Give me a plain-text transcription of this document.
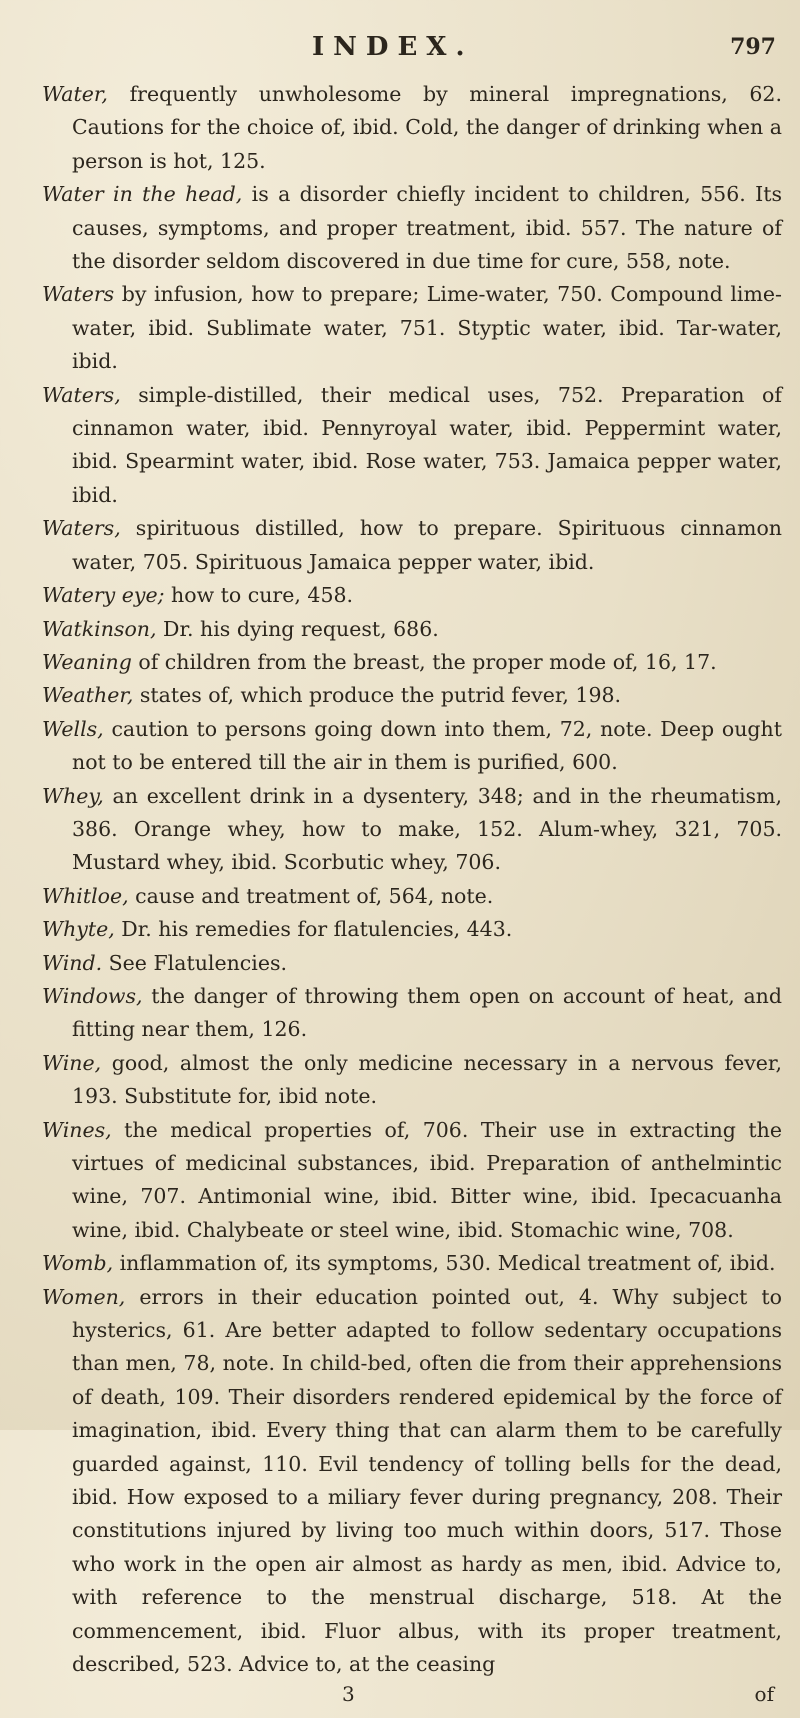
INDEX.	797

Water, frequently unwholesome by mineral impregnations, 62. Cautions for the choice of, ibid. Cold, the danger of drinking when a person is hot, 125.

Water in the head, is a disorder chiefly incident to children, 556. Its causes, symptoms, and proper treatment, ibid. 557. The nature of the disorder seldom discovered in due time for cure, 558, note.

Waters by infusion, how to prepare; Lime-water, 750. Compound lime-water, ibid. Sublimate water, 751. Styptic water, ibid. Tar-water, ibid.

Waters, simple-distilled, their medical uses, 752. Preparation of cinnamon water, ibid. Pennyroyal water, ibid. Peppermint water, ibid. Spearmint water, ibid. Rose water, 753. Jamaica pepper water, ibid.

Waters, spirituous distilled, how to prepare. Spirituous cinnamon water, 705. Spirituous Jamaica pepper water, ibid.

Watery eye; how to cure, 458.

Watkinson, Dr. his dying request, 686.

Weaning of children from the breast, the proper mode of, 16, 17.

Weather, states of, which produce the putrid fever, 198.

Wells, caution to persons going down into them, 72, note. Deep ought not to be entered till the air in them is purified, 600.

Whey, an excellent drink in a dysentery, 348; and in the rheumatism, 386. Orange whey, how to make, 152. Alum-whey, 321, 705. Mustard whey, ibid. Scorbutic whey, 706.

Whitloe, cause and treatment of, 564, note.

Whyte, Dr. his remedies for flatulencies, 443.

Wind. See Flatulencies.

Windows, the danger of throwing them open on account of heat, and fitting near them, 126.

Wine, good, almost the only medicine necessary in a nervous fever, 193. Substitute for, ibid note.

Wines, the medical properties of, 706. Their use in extracting the virtues of medicinal substances, ibid. Preparation of anthelmintic wine, 707. Antimonial wine, ibid. Bitter wine, ibid. Ipecacuanha wine, ibid. Chalybeate or steel wine, ibid. Stomachic wine, 708.

Womb, inflammation of, its symptoms, 530. Medical treatment of, ibid.

Women, errors in their education pointed out, 4. Why subject to hysterics, 61. Are better adapted to follow sedentary occupations than men, 78, note. In child-bed, often die from their apprehensions of death, 109. Their disorders rendered epidemical by the force of imagination, ibid. Every thing that can alarm them to be carefully guarded against, 110. Evil tendency of tolling bells for the dead, ibid. How exposed to a miliary fever during pregnancy, 208. Their constitutions injured by living too much within doors, 517. Those who work in the open air almost as hardy as men, ibid. Advice to, with reference to the menstrual discharge, 518. At the commencement, ibid. Fluor albus, with its proper treatment, described, 523. Advice to, at the ceasing

3	of
